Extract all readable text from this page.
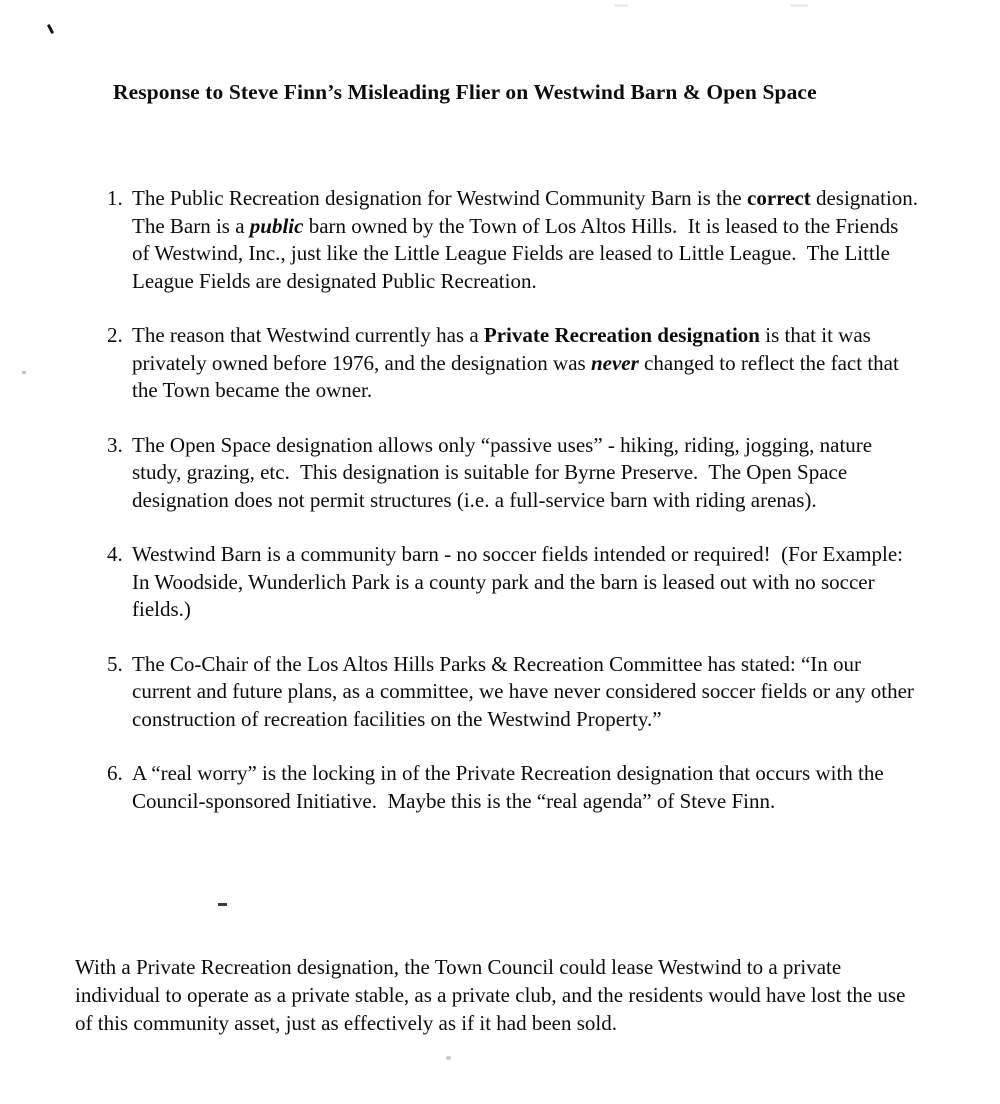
Response to Steve Finn’s Misleading Flier on Westwind Barn & Open Space
1. The Public Recreation designation for Westwind Community Barn is the correct designation.  The Barn is a public barn owned by the Town of Los Altos Hills.  It is leased to the Friends of Westwind, Inc., just like the Little League Fields are leased to Little League.  The Little League Fields are designated Public Recreation.
2. The reason that Westwind currently has a Private Recreation designation is that it was privately owned before 1976, and the designation was never changed to reflect the fact that the Town became the owner.
3. The Open Space designation allows only “passive uses” - hiking, riding, jogging, nature study, grazing, etc.  This designation is suitable for Byrne Preserve.  The Open Space designation does not permit structures (i.e. a full-service barn with riding arenas).
4. Westwind Barn is a community barn - no soccer fields intended or required!  (For Example: In Woodside, Wunderlich Park is a county park and the barn is leased out with no soccer fields.)
5. The Co-Chair of the Los Altos Hills Parks & Recreation Committee has stated: “In our current and future plans, as a committee, we have never considered soccer fields or any other construction of recreation facilities on the Westwind Property.”
6. A “real worry” is the locking in of the Private Recreation designation that occurs with the Council-sponsored Initiative.  Maybe this is the “real agenda” of Steve Finn.
With a Private Recreation designation, the Town Council could lease Westwind to a private individual to operate as a private stable, as a private club, and the residents would have lost the use of this community asset, just as effectively as if it had been sold.
